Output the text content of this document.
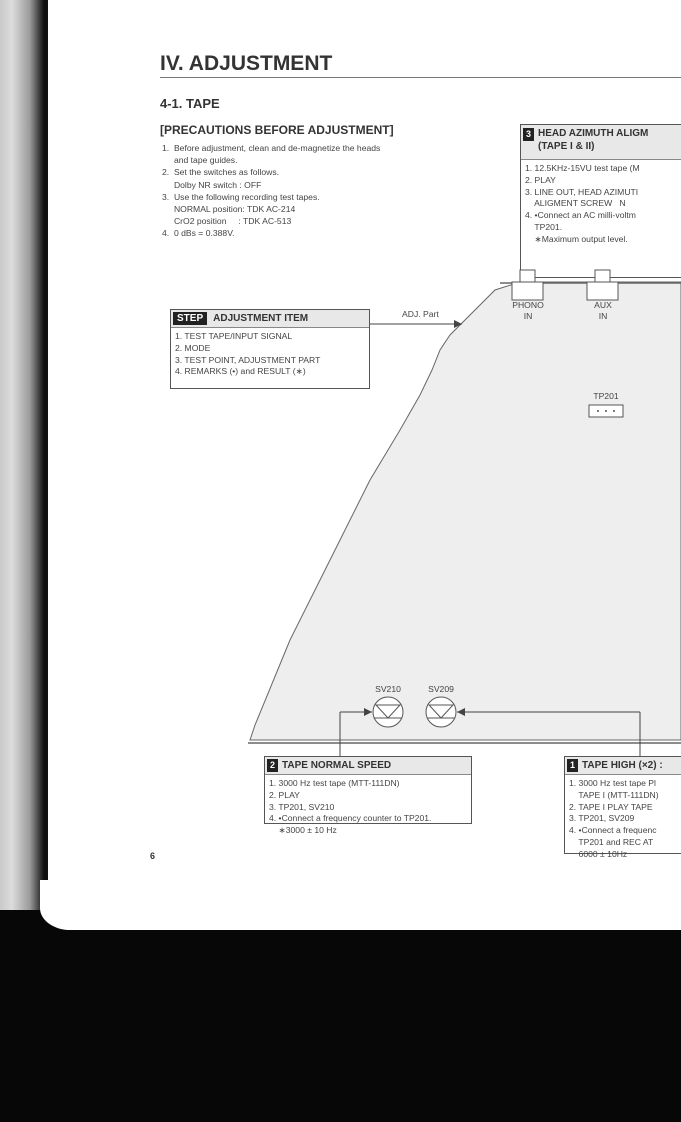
IV. ADJUSTMENT
4-1. TAPE
[PRECAUTIONS BEFORE ADJUSTMENT]
1.  Before adjustment, clean and de-magnetize the heads
and tape guides.
2.  Set the switches as follows.
Dolby NR switch : OFF
3.  Use the following recording test tapes.
NORMAL position: TDK AC-214
CrO2 position     : TDK AC-513
4.  0 dBs = 0.388V.
3 HEAD AZIMUTH ALIGM
(TAPE I & II)
1. 12.5KHz-15VU test tape (M
2. PLAY
3. LINE OUT, HEAD AZIMUTI
ALIGMENT SCREW   N
4. •Connect an AC milli-voltm
TP201.
∗Maximum output level.
PHONO
IN
AUX
IN
TP201
SV210	SV209
STEP	ADJUSTMENT ITEM
1. TEST TAPE/INPUT SIGNAL
2. MODE
3. TEST POINT, ADJUSTMENT PART
4. REMARKS (•) and RESULT (∗)
ADJ. Part
2 TAPE NORMAL SPEED
1. 3000 Hz test tape (MTT-111DN)
2. PLAY
3. TP201, SV210
4. •Connect a frequency counter to TP201.
∗3000 ± 10 Hz
1 TAPE HIGH (×2) :
1. 3000 Hz test tape Pl
TAPE I (MTT-111DN)
2. TAPE I PLAY TAPE
3. TP201, SV209
4. •Connect a frequenc
TP201 and REC AT
6000 ± 10Hz
6
